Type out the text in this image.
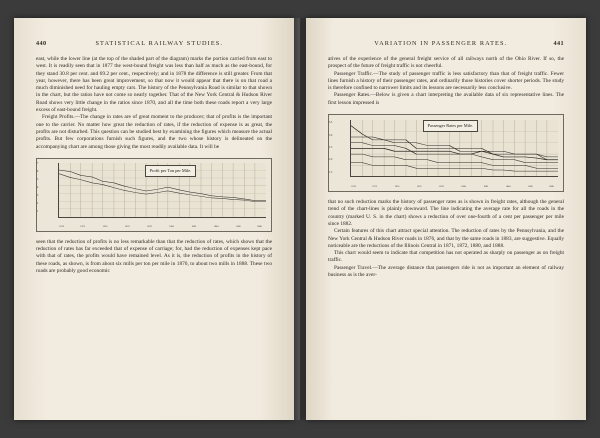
440	STATISTICAL RAILWAY STUDIES.

east, while the lower line (at the top of the shaded part of the diagram) marks the portion carried from east to west. It is readily seen that in 1877 the west-bound freight was less than half as much as the east-bound, for they stand 30.8 per cent. and 69.2 per cent., respectively; and in 1878 the difference is still greater. From that year, however, there has been great improvement, so that now it would appear that there is on that road a much diminished need for hauling empty cars. The history of the Pennsylvania Road is similar to that shown in the chart, but the ratios have not come so nearly together. That of the New York Central & Hudson River Road shows very little change in the ratios since 1870, and all the time both these roads report a very large excess of east-bound freight.

Freight Profits.—The change in rates are of great moment to the producer; that of profits is the important one to the carrier. No matter how great the reduction of rates, if the reduction of expense is as great, the profits are not disturbed. This question can be studied best by examining the figures which measure the actual profits. But few corporations furnish such figures, and the two whose history is delineated on the accompanying chart are among those giving the most readily available data. It will be

Profit per Ton per Mile.
7
6
5
4
3
2
1
1870	1872	1874	1876	1878	1880	1882	1884	1886	1888

seen that the reduction of profits is no less remarkable than that the reduction of rates, which shows that the reduction of rates has far exceeded that of expense of carriage; for, had the reduction of expenses kept pace with that of rates, the profits would have remained level. As it is, the reduction of profits in the history of these roads, as shown, is from about six mills per ton per mile in 1870, to about two mills in 1888. These two roads are probably good economic

VARIATION IN PASSENGER RATES.	441

atives of the experience of the general freight service of all railways north of the Ohio River. If so, the prospect of the future of freight traffic is not cheerful.

Passenger Traffic.—The study of passenger traffic is less satisfactory than that of freight traffic. Fewer lines furnish a history of their passenger rates, and ordinarily those histories cover shorter periods. The study is therefore confined to narrower limits and its lessons are necessarily less conclusive.

Passenger Rates.—Below is given a chart interpreting the available data of six representative lines. The first lesson impressed is

Passenger Rates per Mile.
3.5
3.0
2.5
2.0
1.5
1870	1872	1874	1876	1878	1880	1882	1884	1886	1888

that no such reduction marks the history of passenger rates as is shown in freight rates, although the general trend of the chart-lines is plainly downward. The line indicating the average rate for all the roads in the country (marked U. S. in the chart) shows a reduction of over one-fourth of a cent per passenger per mile since 1882.

Certain features of this chart attract special attention. The reduction of rates by the Pennsylvania, and the New York Central & Hudson River roads in 1876, and that by the same roads in 1883, are suggestive. Equally noticeable are the reductions of the Illinois Central in 1871, 1872, 1880, and 1888.

This chart would seem to indicate that competition has not operated as sharply on passenger as on freight traffic.

Passenger Travel.—The average distance that passengers ride is not as important an element of railway business as is the aver-
